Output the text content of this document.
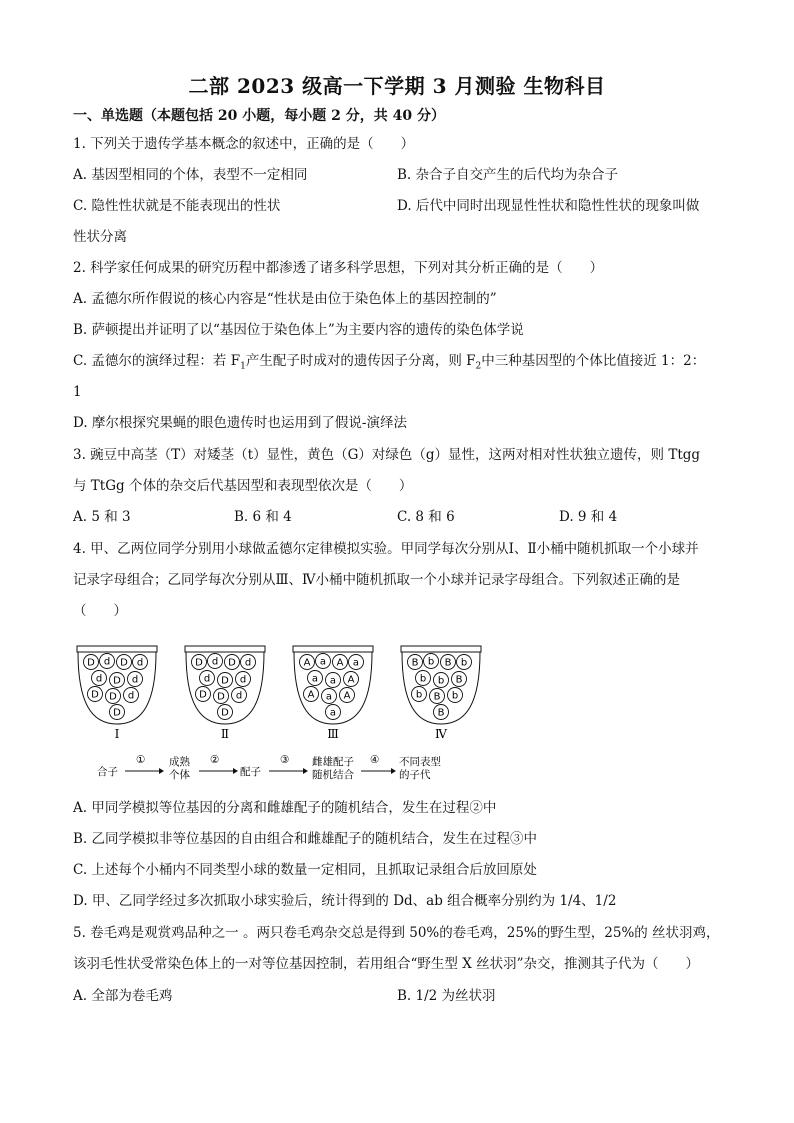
二部 2023 级高一下学期 3 月测验 生物科目
一、单选题（本题包括 20 小题，每小题 2 分，共 40 分）
1. 下列关于遗传学基本概念的叙述中，正确的是（　　）
A. 基因型相同的个体，表型不一定相同	B. 杂合子自交产生的后代均为杂合子
C. 隐性性状就是不能表现出的性状	D. 后代中同时出现显性性状和隐性性状的现象叫做
性状分离
2. 科学家任何成果的研究历程中都渗透了诸多科学思想，下列对其分析正确的是（　　）
A. 孟德尔所作假说的核心内容是“性状是由位于染色体上的基因控制的”
B. 萨顿提出并证明了以“基因位于染色体上”为主要内容的遗传的染色体学说
C. 孟德尔的演绎过程：若 $F_1$产生配子时成对的遗传因子分离，则 $F_2$中三种基因型的个体比值接近 1：2：
1
D. 摩尔根探究果蝇的眼色遗传时也运用到了假说-演绎法
3. 豌豆中高茎（T）对矮茎（t）显性，黄色（G）对绿色（g）显性，这两对相对性状独立遗传，则 Ttgg
与 TtGg 个体的杂交后代基因型和表现型依次是（　　）
A. 5 和 3	B. 6 和 4	C. 8 和 6	D. 9 和 4
4. 甲、乙两位同学分别用小球做孟德尔定律模拟实验。甲同学每次分别从Ⅰ、Ⅱ小桶中随机抓取一个小球并
记录字母组合；乙同学每次分别从Ⅲ、Ⅳ小桶中随机抓取一个小球并记录字母组合。下列叙述正确的是
（　　）
D d D d
d D d
D D d
D
Ⅰ
D d D d
d D d
D D d
D
Ⅱ
A a A a
a a A
A a A
a
Ⅲ
B b B b
b b B
b B b
B
Ⅳ
合子
① 成熟
个体
②
配子
③ 雌雄配子
随机结合
④ 不同表型
的子代
A. 甲同学模拟等位基因的分离和雌雄配子的随机结合，发生在过程②中
B. 乙同学模拟非等位基因的自由组合和雌雄配子的随机结合，发生在过程③中
C. 上述每个小桶内不同类型小球的数量一定相同，且抓取记录组合后放回原处
D. 甲、乙同学经过多次抓取小球实验后，统计得到的 Dd、ab 组合概率分别约为 1/4、1/2
5. 卷毛鸡是观赏鸡品种之一 。两只卷毛鸡杂交总是得到 50%的卷毛鸡，25%的野生型，25%的 丝状羽鸡，
该羽毛性状受常染色体上的一对等位基因控制，若用组合“野生型 X 丝状羽”杂交，推测其子代为（　　）
A. 全部为卷毛鸡	B. 1/2 为丝状羽
